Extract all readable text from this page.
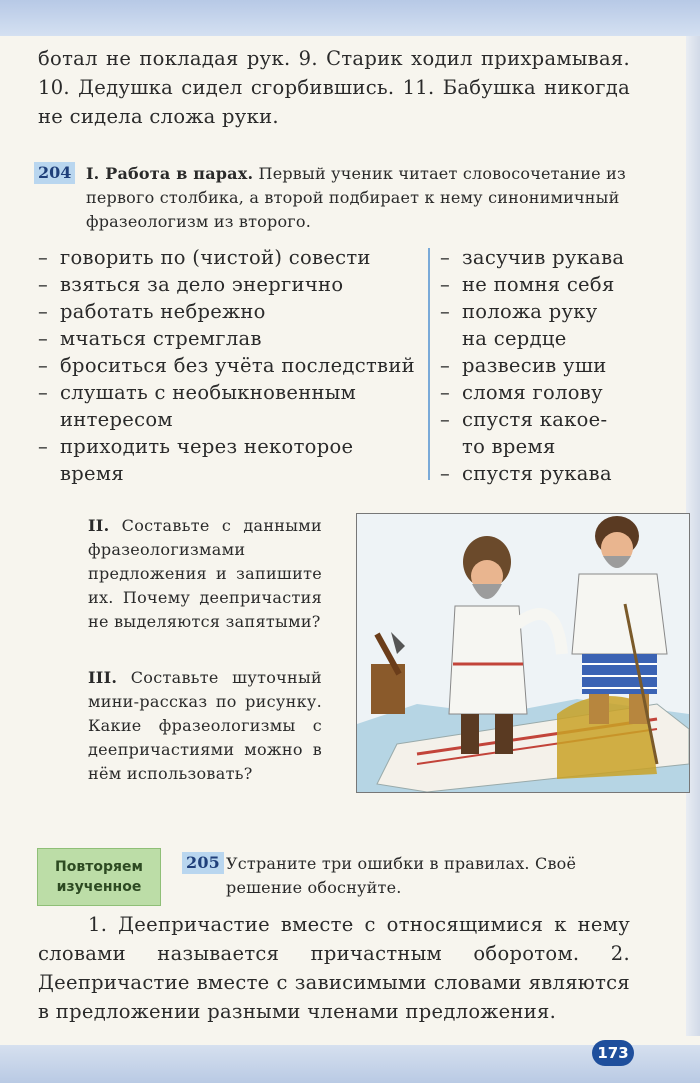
ботал не покладая рук. 9. Старик ходил прихрамывая. 10. Дедушка сидел сгорбившись. 11. Бабушка никогда не сидела сложа руки.

204 I. Работа в парах. Первый ученик читает словосочетание из первого столбика, а второй подбирает к нему синонимичный фразеологизм из второго.
– говорить по (чистой) совести
– взяться за дело энергично
– работать небрежно
– мчаться стремглав
– броситься без учёта последствий
– слушать с необыкновенным интересом
– приходить через некоторое время
– засучив рукава
– не помня себя
– положа руку на сердце
– развесив уши
– сломя голову
– спустя какое-то время
– спустя рукава

II. Составьте с данными фразеологизмами предложения и запишите их. Почему деепричастия не выделяются запятыми?

III. Составьте шуточный мини-рассказ по рисунку. Какие фразеологизмы с деепричастиями можно в нём использовать?

Повторяем изученное
205 Устраните три ошибки в правилах. Своё решение обоснуйте.

1. Деепричастие вместе с относящимися к нему словами называется причастным оборотом. 2. Деепричастие вместе с зависимыми словами являются в предложении разными членами предложения.

173
